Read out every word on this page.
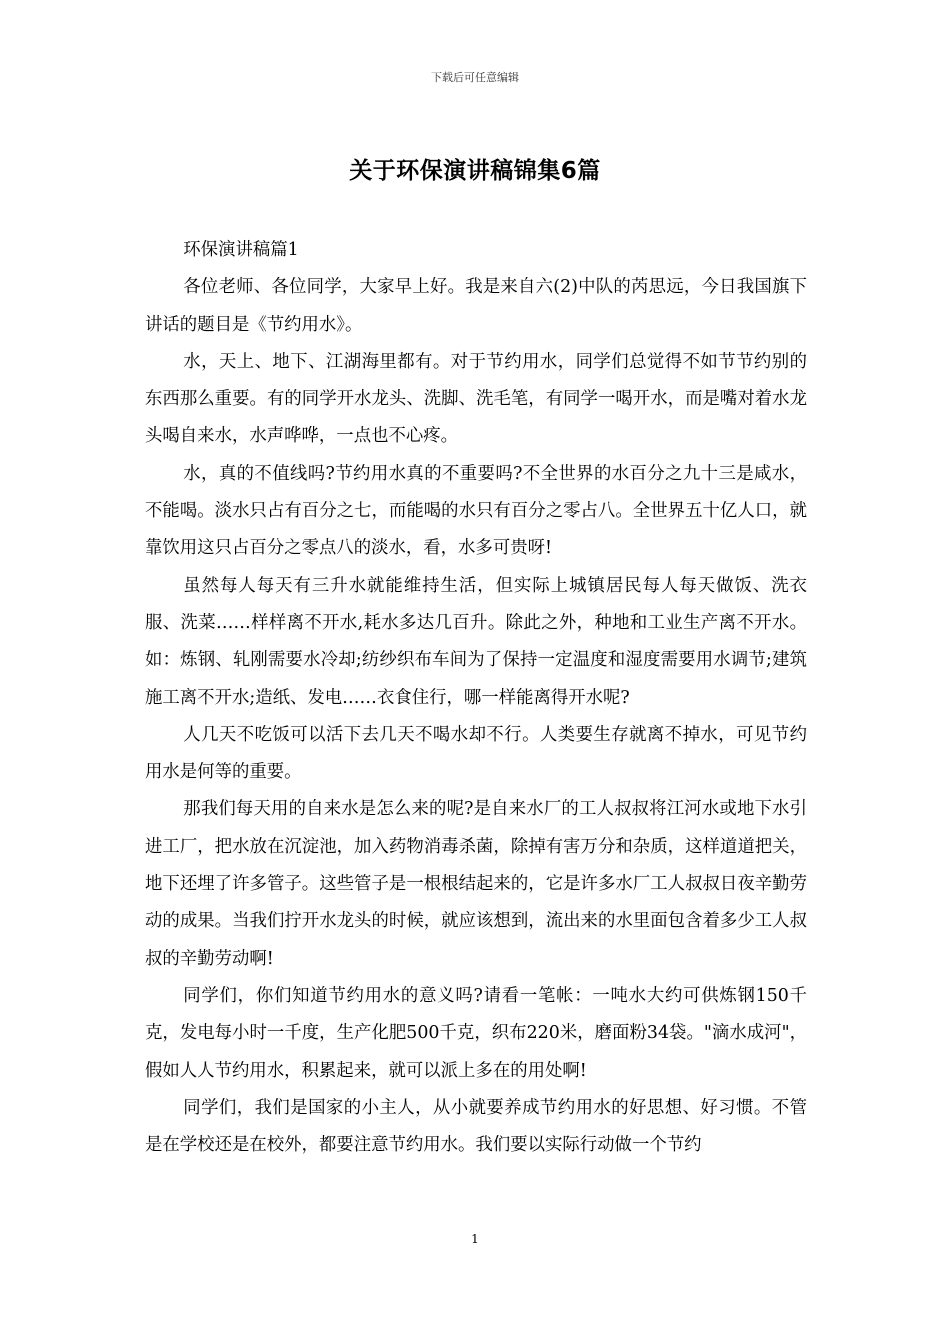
下载后可任意编辑
关于环保演讲稿锦集6篇

环保演讲稿篇1

各位老师、各位同学，大家早上好。我是来自六(2)中队的芮思远，今日我国旗下讲话的题目是《节约用水》。

水，天上、地下、江湖海里都有。对于节约用水，同学们总觉得不如节节约别的东西那么重要。有的同学开水龙头、洗脚、洗毛笔，有同学一喝开水，而是嘴对着水龙头喝自来水，水声哗哗，一点也不心疼。

水，真的不值线吗?节约用水真的不重要吗?不全世界的水百分之九十三是咸水，不能喝。淡水只占有百分之七，而能喝的水只有百分之零占八。全世界五十亿人口，就靠饮用这只占百分之零点八的淡水，看，水多可贵呀!

虽然每人每天有三升水就能维持生活，但实际上城镇居民每人每天做饭、洗衣服、洗菜……样样离不开水,耗水多达几百升。除此之外，种地和工业生产离不开水。如：炼钢、轧刚需要水冷却;纺纱织布车间为了保持一定温度和湿度需要用水调节;建筑施工离不开水;造纸、发电……衣食住行，哪一样能离得开水呢?

人几天不吃饭可以活下去几天不喝水却不行。人类要生存就离不掉水，可见节约用水是何等的重要。

那我们每天用的自来水是怎么来的呢?是自来水厂的工人叔叔将江河水或地下水引进工厂，把水放在沉淀池，加入药物消毒杀菌，除掉有害万分和杂质，这样道道把关，地下还埋了许多管子。这些管子是一根根结起来的，它是许多水厂工人叔叔日夜辛勤劳动的成果。当我们拧开水龙头的时候，就应该想到，流出来的水里面包含着多少工人叔叔的辛勤劳动啊!

同学们，你们知道节约用水的意义吗?请看一笔帐：一吨水大约可供炼钢150千克，发电每小时一千度，生产化肥500千克，织布220米，磨面粉34袋。"滴水成河"，假如人人节约用水，积累起来，就可以派上多在的用处啊!

同学们，我们是国家的小主人，从小就要养成节约用水的好思想、好习惯。不管是在学校还是在校外，都要注意节约用水。我们要以实际行动做一个节约

1
